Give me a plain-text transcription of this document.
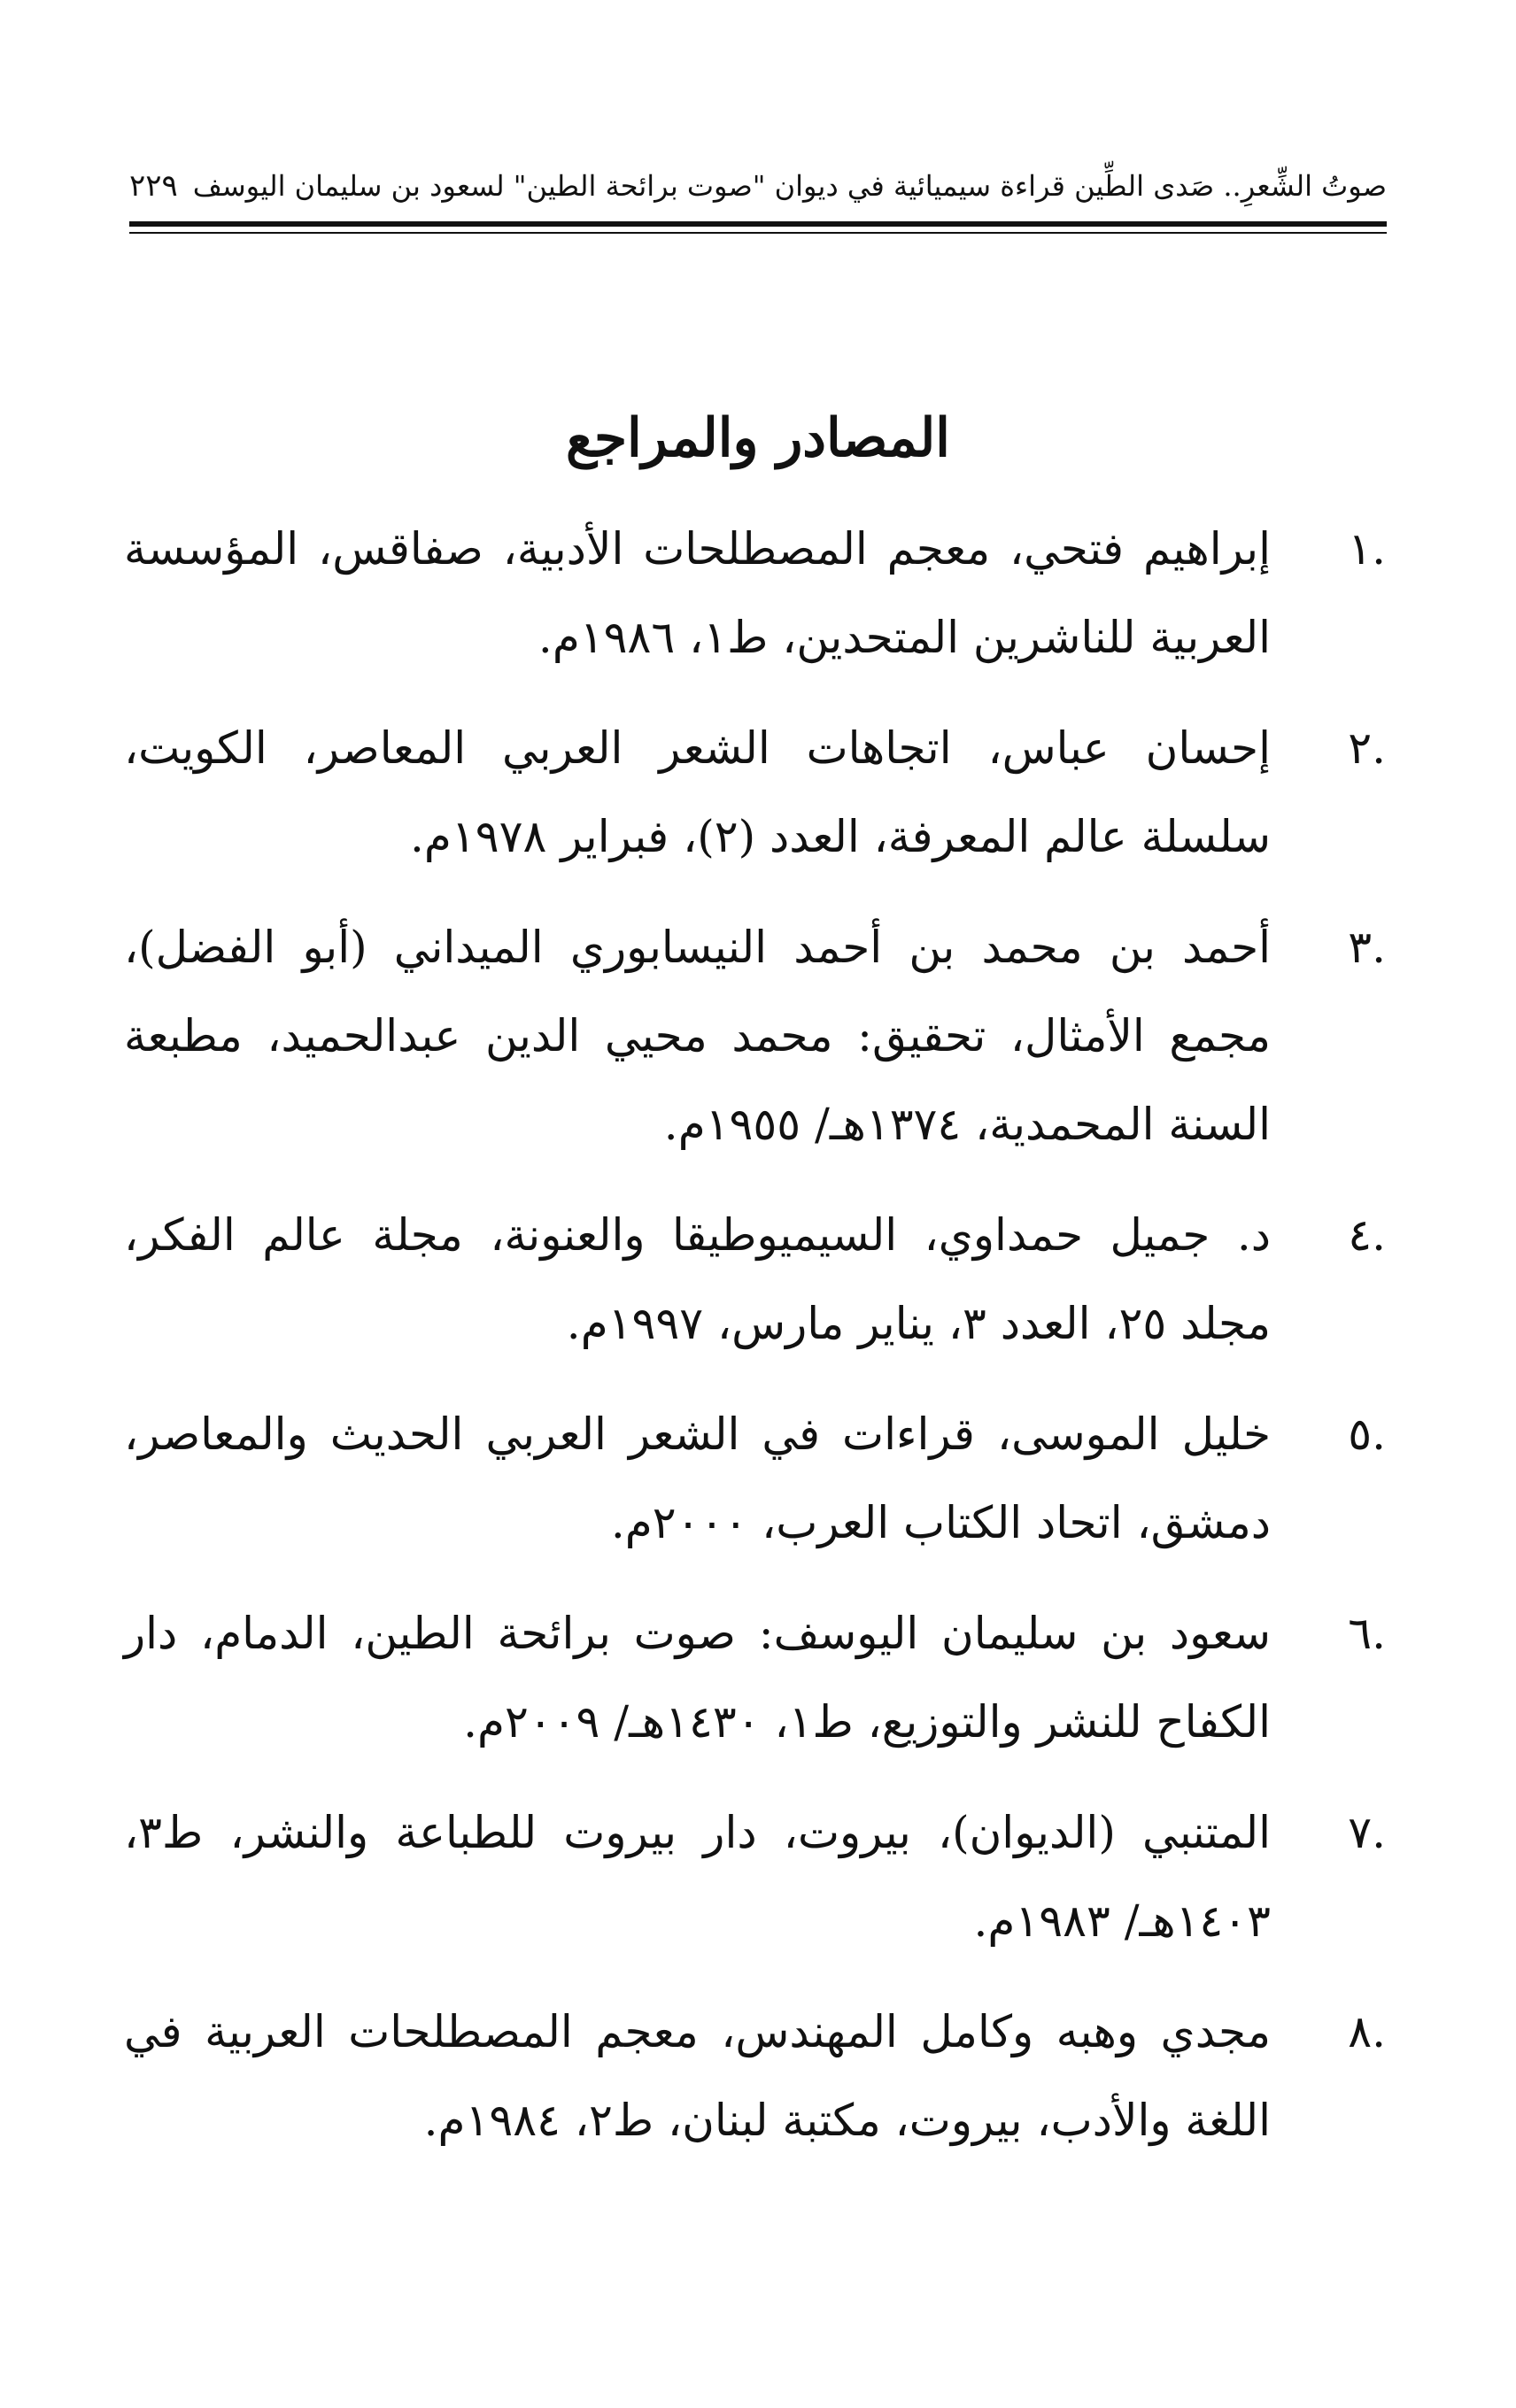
صوتُ الشِّعرِ.. صَدى الطِّين قراءة سيميائية في ديوان "صوت برائحة الطين" لسعود بن سليمان اليوسف
٢٢٩
المصادر والمراجع
.١
إبراهيم فتحي، معجم المصطلحات الأدبية، صفاقس، المؤسسة العربية للناشرين المتحدين، ط١، ١٩٨٦م.
.٢
إحسان عباس، اتجاهات الشعر العربي المعاصر، الكويت، سلسلة عالم المعرفة، العدد (٢)، فبراير ١٩٧٨م.
.٣
أحمد بن محمد بن أحمد النيسابوري الميداني (أبو الفضل)، مجمع الأمثال، تحقيق: محمد محيي الدين عبدالحميد، مطبعة السنة المحمدية، ١٣٧٤هـ/ ١٩٥٥م.
.٤
د. جميل حمداوي، السيميوطيقا والعنونة، مجلة عالم الفكر، مجلد ٢٥، العدد ٣، يناير مارس، ١٩٩٧م.
.٥
خليل الموسى، قراءات في الشعر العربي الحديث والمعاصر، دمشق، اتحاد الكتاب العرب، ٢٠٠٠م.
.٦
سعود بن سليمان اليوسف: صوت برائحة الطين، الدمام، دار الكفاح للنشر والتوزيع، ط١، ١٤٣٠هـ/ ٢٠٠٩م.
.٧
المتنبي (الديوان)، بيروت، دار بيروت للطباعة والنشر، ط٣، ١٤٠٣هـ/ ١٩٨٣م.
.٨
مجدي وهبه وكامل المهندس، معجم المصطلحات العربية في اللغة والأدب، بيروت، مكتبة لبنان، ط٢، ١٩٨٤م.
